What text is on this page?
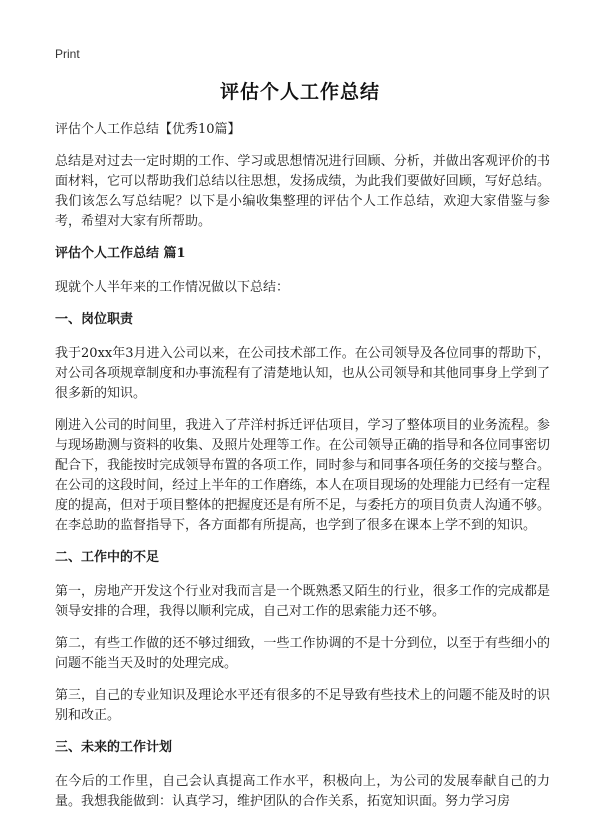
Print
评估个人工作总结

评估个人工作总结【优秀10篇】

总结是对过去一定时期的工作、学习或思想情况进行回顾、分析，并做出客观评价的书面材料，它可以帮助我们总结以往思想，发扬成绩，为此我们要做好回顾，写好总结。我们该怎么写总结呢？以下是小编收集整理的评估个人工作总结，欢迎大家借鉴与参考，希望对大家有所帮助。

评估个人工作总结 篇1

现就个人半年来的工作情况做以下总结：

一、岗位职责

我于20xx年3月进入公司以来，在公司技术部工作。在公司领导及各位同事的帮助下，对公司各项规章制度和办事流程有了清楚地认知，也从公司领导和其他同事身上学到了很多新的知识。

刚进入公司的时间里，我进入了芹洋村拆迁评估项目，学习了整体项目的业务流程。参与现场勘测与资料的收集、及照片处理等工作。在公司领导正确的指导和各位同事密切配合下，我能按时完成领导布置的各项工作，同时参与和同事各项任务的交接与整合。在公司的这段时间，经过上半年的工作磨练，本人在项目现场的处理能力已经有一定程度的提高，但对于项目整体的把握度还是有所不足，与委托方的项目负责人沟通不够。在李总助的监督指导下，各方面都有所提高，也学到了很多在课本上学不到的知识。

二、工作中的不足

第一，房地产开发这个行业对我而言是一个既熟悉又陌生的行业，很多工作的完成都是领导安排的合理，我得以顺利完成，自己对工作的思索能力还不够。

第二，有些工作做的还不够过细致，一些工作协调的不是十分到位，以至于有些细小的问题不能当天及时的处理完成。

第三，自己的专业知识及理论水平还有很多的不足导致有些技术上的问题不能及时的识别和改正。

三、未来的工作计划

在今后的工作里，自己会认真提高工作水平，积极向上，为公司的发展奉献自己的力量。我想我能做到：认真学习，维护团队的合作关系，拓宽知识面。努力学习房
